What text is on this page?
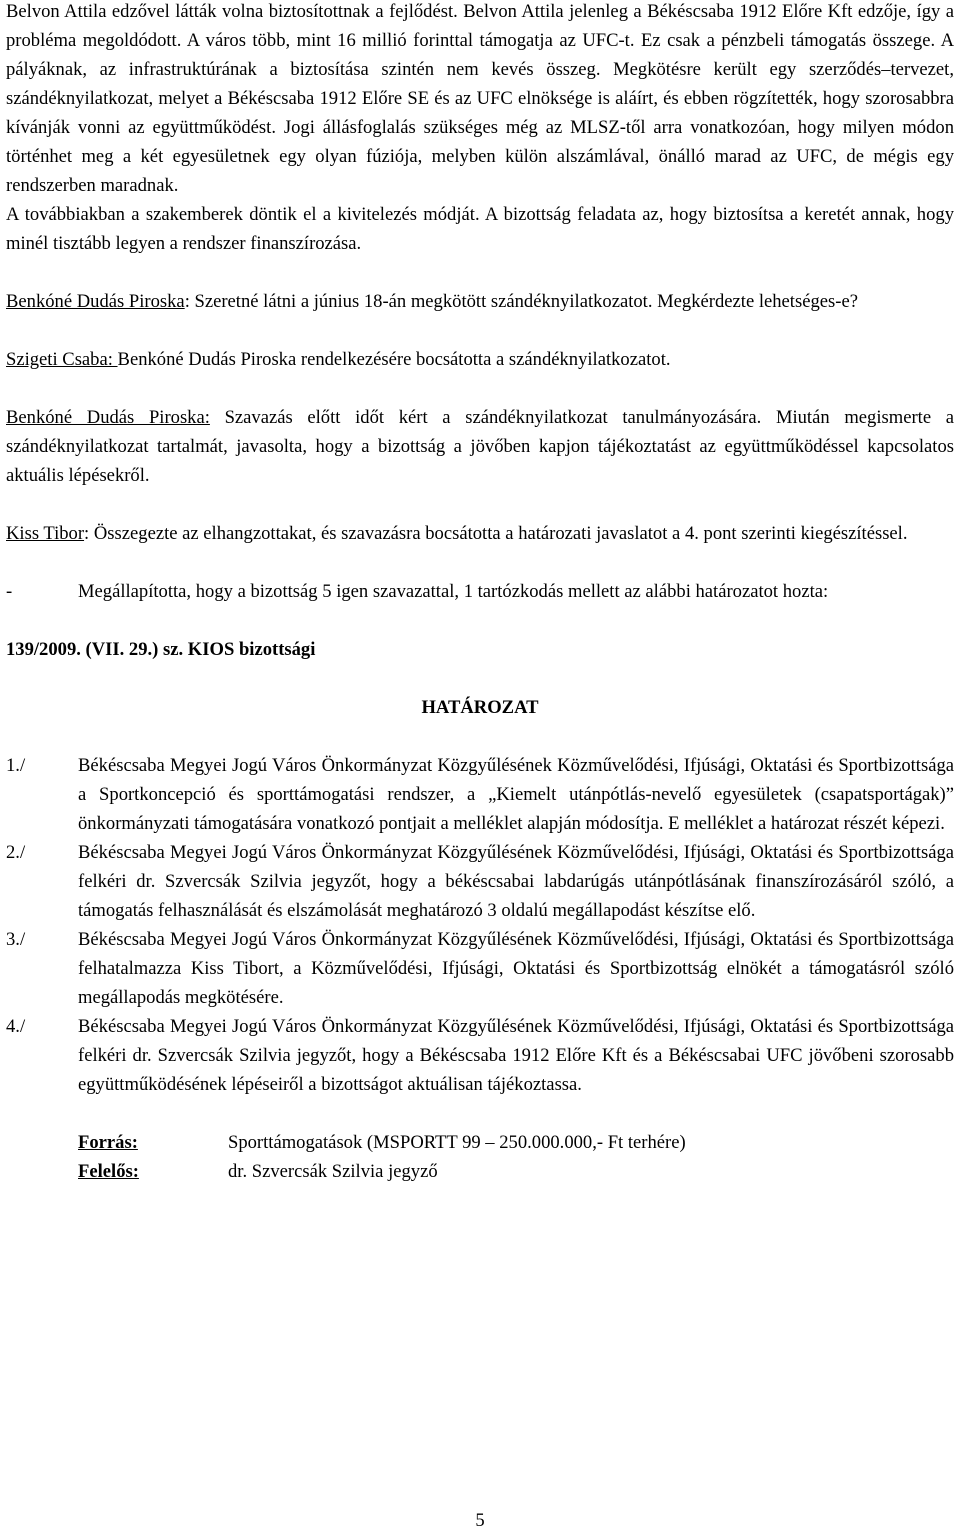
Belvon Attila edzővel látták volna biztosítottnak a fejlődést. Belvon Attila jelenleg a Békéscsaba 1912 Előre Kft edzője, így a probléma megoldódott. A város több, mint 16 millió forinttal támogatja az UFC-t. Ez csak a pénzbeli támogatás összege. A pályáknak, az infrastruktúrának a biztosítása szintén nem kevés összeg. Megkötésre került egy szerződés–tervezet, szándéknyilatkozat, melyet a Békéscsaba 1912 Előre SE és az UFC elnöksége is aláírt, és ebben rögzítették, hogy szorosabbra kívánják vonni az együttműködést. Jogi állásfoglalás szükséges még az MLSZ-től arra vonatkozóan, hogy milyen módon történhet meg a két egyesületnek egy olyan fúziója, melyben külön alszámlával, önálló marad az UFC, de mégis egy rendszerben maradnak.

A továbbiakban a szakemberek döntik el a kivitelezés módját. A bizottság feladata az, hogy biztosítsa a keretét annak, hogy minél tisztább legyen a rendszer finanszírozása.

Benkóné Dudás Piroska: Szeretné látni a június 18-án megkötött szándéknyilatkozatot. Megkérdezte lehetséges-e?

Szigeti Csaba: Benkóné Dudás Piroska rendelkezésére bocsátotta a szándéknyilatkozatot.

Benkóné Dudás Piroska: Szavazás előtt időt kért a szándéknyilatkozat tanulmányozására. Miután megismerte a szándéknyilatkozat tartalmát, javasolta, hogy a bizottság a jövőben kapjon tájékoztatást az együttműködéssel kapcsolatos aktuális lépésekről.

Kiss Tibor: Összegezte az elhangzottakat, és szavazásra bocsátotta a határozati javaslatot a 4. pont szerinti kiegészítéssel.

-	Megállapította, hogy a bizottság 5 igen szavazattal, 1 tartózkodás mellett az alábbi határozatot hozta:

139/2009. (VII. 29.) sz. KIOS bizottsági

HATÁROZAT

1./	Békéscsaba Megyei Jogú Város Önkormányzat Közgyűlésének Közművelődési, Ifjúsági, Oktatási és Sportbizottsága a Sportkoncepció és sporttámogatási rendszer, a „Kiemelt utánpótlás-nevelő egyesületek (csapatsportágak)” önkormányzati támogatására vonatkozó pontjait a melléklet alapján módosítja. E melléklet a határozat részét képezi.
2./	Békéscsaba Megyei Jogú Város Önkormányzat Közgyűlésének Közművelődési, Ifjúsági, Oktatási és Sportbizottsága felkéri dr. Szvercsák Szilvia jegyzőt, hogy a békéscsabai labdarúgás utánpótlásának finanszírozásáról szóló, a támogatás felhasználását és elszámolását meghatározó 3 oldalú megállapodást készítse elő.
3./	Békéscsaba Megyei Jogú Város Önkormányzat Közgyűlésének Közművelődési, Ifjúsági, Oktatási és Sportbizottsága felhatalmazza Kiss Tibort, a Közművelődési, Ifjúsági, Oktatási és Sportbizottság elnökét a támogatásról szóló megállapodás megkötésére.
4./	Békéscsaba Megyei Jogú Város Önkormányzat Közgyűlésének Közművelődési, Ifjúsági, Oktatási és Sportbizottsága felkéri dr. Szvercsák Szilvia jegyzőt, hogy a Békéscsaba 1912 Előre Kft és a Békéscsabai UFC jövőbeni szorosabb együttműködésének lépéseiről a bizottságot aktuálisan tájékoztassa.
Forrás:	Sporttámogatások (MSPORTT 99 – 250.000.000,- Ft terhére)
Felelős:	dr. Szvercsák Szilvia jegyző
5
